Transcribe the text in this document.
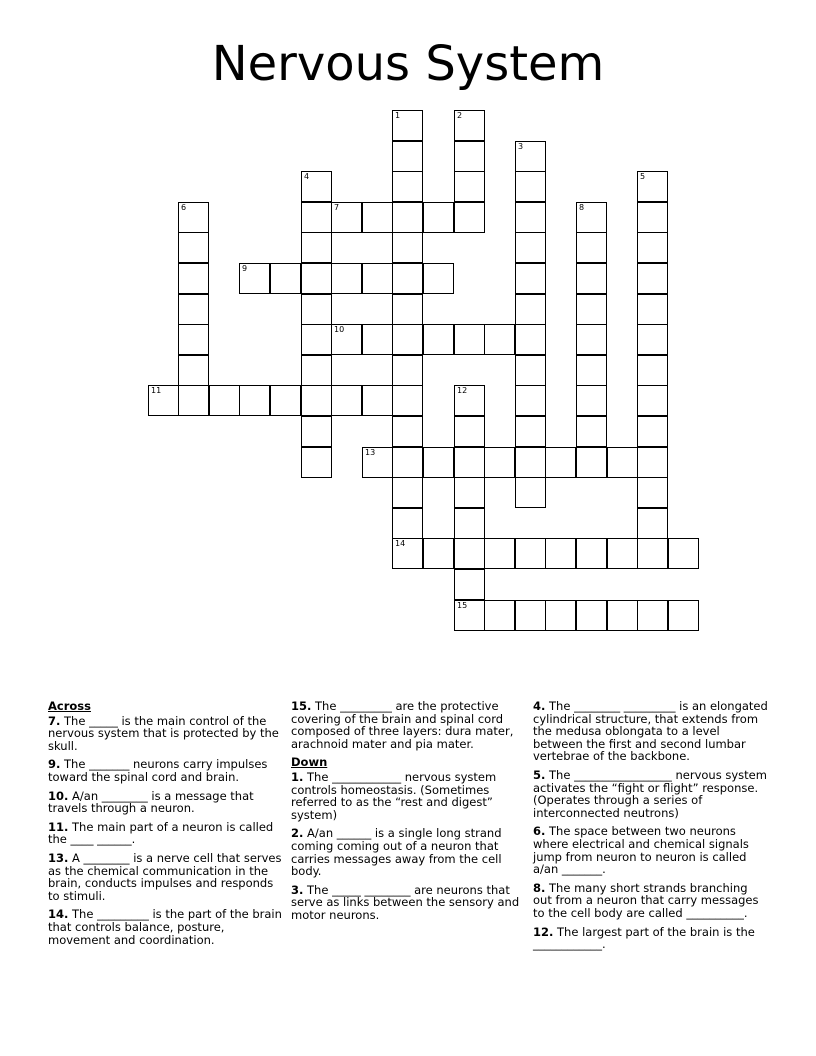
Nervous System
1
14
2
3
4	5
6	7	8
9
10
11	12
15
13
Across
7. The _____ is the main control of the nervous system that is protected by the skull.
9. The _______ neurons carry impulses toward the spinal cord and brain.
10. A/an ________ is a message that travels through a neuron.
11. The main part of a neuron is called the ____ ______.
13. A ________ is a nerve cell that serves as the chemical communication in the brain, conducts impulses and responds to stimuli.
14. The _________ is the part of the brain that controls balance, posture, movement and coordination.
15. The _________ are the protective covering of the brain and spinal cord composed of three layers: dura mater, arachnoid mater and pia mater.
Down
1. The ____________ nervous system controls homeostasis. (Sometimes referred to as the “rest and digest” system)
2. A/an ______ is a single long strand coming coming out of a neuron that carries messages away from the cell body.
3. The _____ ________ are neurons that serve as links between the sensory and motor neurons.
4. The ________ _________ is an elongated cylindrical structure, that extends from the medusa oblongata to a level between the first and second lumbar vertebrae of the backbone.
5. The _________________ nervous system activates the “fight or flight” response. (Operates through a series of interconnected neutrons)
6. The space between two neurons where electrical and chemical signals jump from neuron to neuron is called a/an _______.
8. The many short strands branching out from a neuron that carry messages to the cell body are called __________.
12. The largest part of the brain is the ____________.
